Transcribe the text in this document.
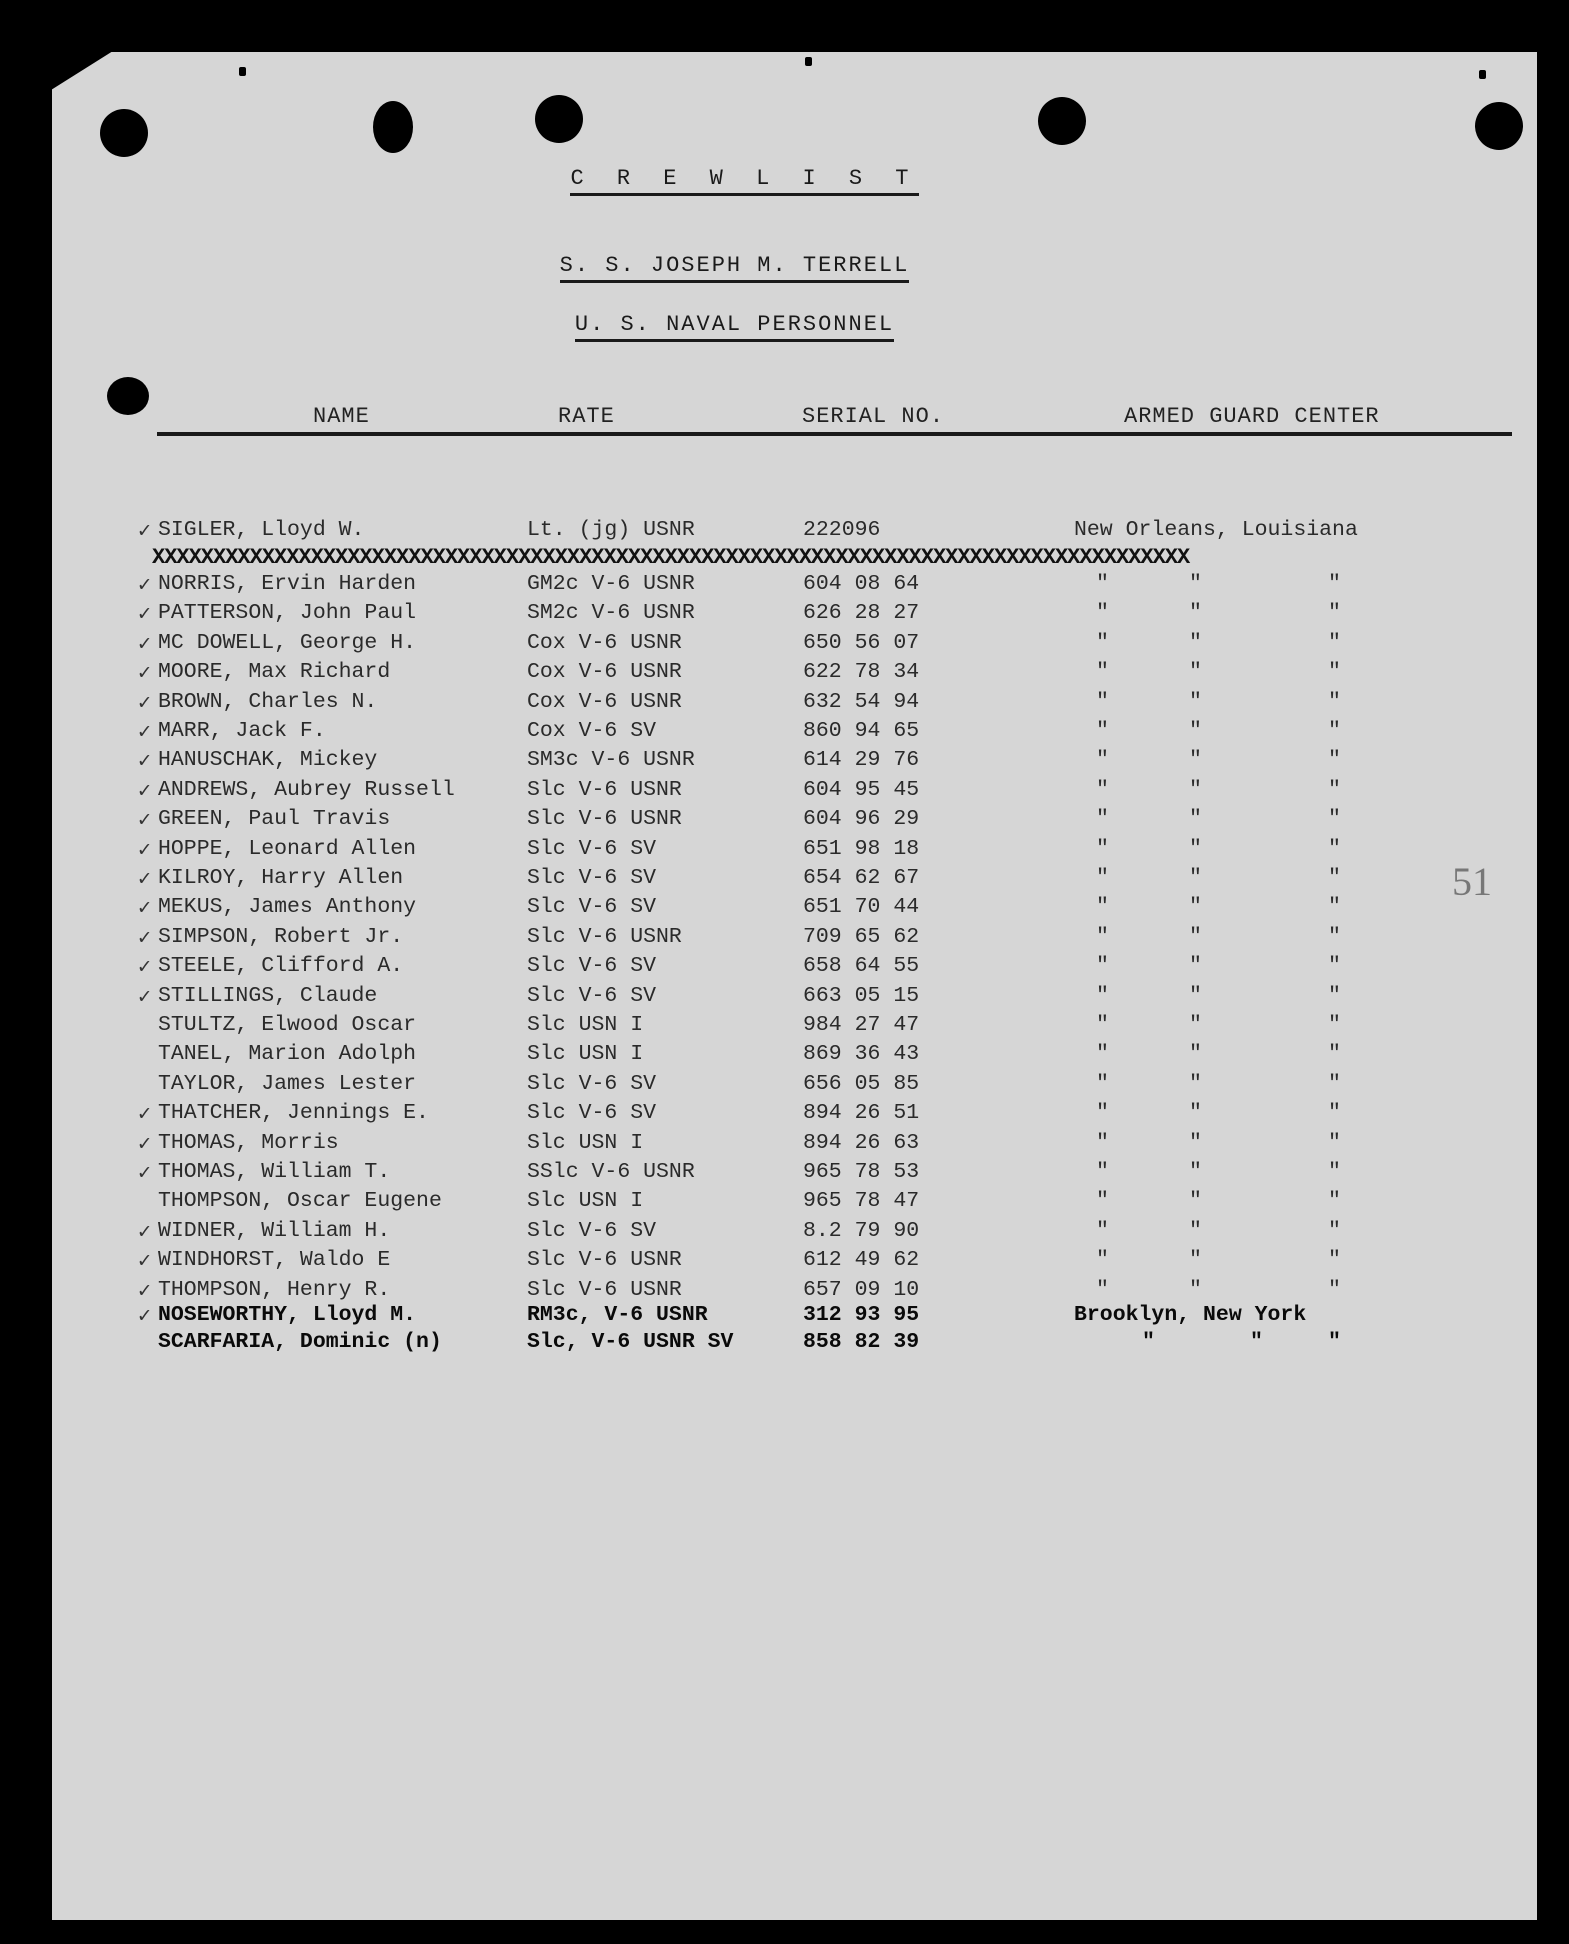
C R E W L I S T
S. S. JOSEPH M. TERRELL
U. S. NAVAL PERSONNEL
NAME	RATE	SERIAL NO.	ARMED GUARD CENTER
XXXXXXXXXXXXXXXXXXXXXXXXXXXXXXXXXXXXXXXXXXXXXXXXXXXXXXXXXXXXXXXXXXXXXXXXXXXXXXXXXXXXX
✓ SIGLER, Lloyd W.	Lt. (jg) USNR	222096	New Orleans, Louisiana
✓ NORRIS, Ervin Harden	GM2c V-6 USNR	604 08 64	"	"	"
✓ PATTERSON, John Paul	SM2c V-6 USNR	626 28 27	"	"	"
✓ MC DOWELL, George H.	Cox V-6 USNR	650 56 07	"	"	"
✓ MOORE, Max Richard	Cox V-6 USNR	622 78 34	"	"	"
✓ BROWN, Charles N.	Cox V-6 USNR	632 54 94	"	"	"
✓ MARR, Jack F.	Cox V-6 SV	860 94 65	"	"	"
✓ HANUSCHAK, Mickey	SM3c V-6 USNR	614 29 76	"	"	"
✓ ANDREWS, Aubrey Russell	Slc V-6 USNR	604 95 45	"	"	"
✓ GREEN, Paul Travis	Slc V-6 USNR	604 96 29	"	"	"
✓ HOPPE, Leonard Allen	Slc V-6 SV	651 98 18	"	"	"
✓ KILROY, Harry Allen	Slc V-6 SV	654 62 67	"	"	"
✓ MEKUS, James Anthony	Slc V-6 SV	651 70 44	"	"	"
✓ SIMPSON, Robert Jr.	Slc V-6 USNR	709 65 62	"	"	"
✓ STEELE, Clifford A.	Slc V-6 SV	658 64 55	"	"	"
✓ STILLINGS, Claude	Slc V-6 SV	663 05 15	"	"	"
STULTZ, Elwood Oscar	Slc USN I	984 27 47	"	"	"
TANEL, Marion Adolph	Slc USN I	869 36 43	"	"	"
TAYLOR, James Lester	Slc V-6 SV	656 05 85	"	"	"
✓ THATCHER, Jennings E.	Slc V-6 SV	894 26 51	"	"	"
✓ THOMAS, Morris	Slc USN I	894 26 63	"	"	"
✓ THOMAS, William T.	SSlc V-6 USNR	965 78 53	"	"	"
THOMPSON, Oscar Eugene	Slc USN I	965 78 47	"	"	"
✓ WIDNER, William H.	Slc V-6 SV	8.2 79 90	"	"	"
✓ WINDHORST, Waldo E	Slc V-6 USNR	612 49 62	"	"	"
✓ THOMPSON, Henry R.	Slc V-6 USNR	657 09 10	"	"	"
✓ NOSEWORTHY, Lloyd M.	RM3c, V-6 USNR	312 93 95	Brooklyn, New York
SCARFARIA, Dominic (n)	Slc, V-6 USNR SV	858 82 39	"	"	"
51
